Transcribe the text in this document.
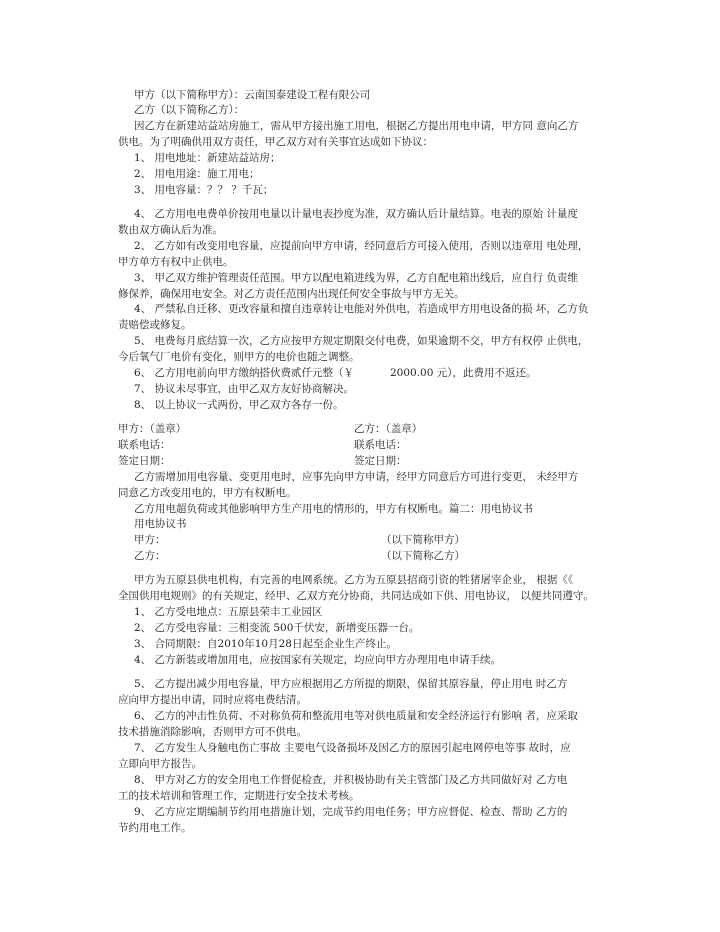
甲方（以下简称甲方）：云南国泰建设工程有限公司
乙方（以下简称乙方）：
因乙方在新建站益站房施工，需从甲方接出施工用电，根据乙方提出用电申请，甲方同 意向乙方
供电。为了明确供用双方责任，甲乙双方对有关事宜达成如下协议：
1、 用电地址：新建站益站房；
2、 用电用途：施工用电；
3、 用电容量：？？ ？千瓦；
4、 乙方用电电费单价按用电量以计量电表抄度为准，双方确认后计量结算。电表的原始 计量度
数由双方确认后为准。
2、 乙方如有改变用电容量，应提前向甲方申请，经同意后方可接入使用，否则以违章用 电处理，
甲方单方有权中止供电。
3、 甲乙双方维护管理责任范围。甲方以配电箱进线为界，乙方自配电箱出线后，应自行 负责维
修保养，确保用电安全。对乙方责任范围内出现任何安全事故与甲方无关。
4、 严禁私自迁移、更改容量和擅自违章转让电能对外供电，若造成甲方用电设备的损 坏，乙方负
责赔偿或修复。
5、 电费每月底结算一次，乙方应按甲方规定期限交付电费，如果逾期不交，甲方有权停 止供电，
今后氧气厂电价有变化，则甲方的电价也随之调整。
6、 乙方用电前向甲方缴纳搭伙费贰仟元整（￥	2000.00 元），此费用不返还。
7、 协议未尽事宜，由甲乙双方友好协商解决。
8、 以上协议一式两份，甲乙双方各存一份。
甲方：（盖章）	乙方：（盖章）
联系电话：	联系电话：
签定日期：	签定日期：
乙方需增加用电容量、变更用电时，应事先向甲方申请，经甲方同意后方可进行变更， 未经甲方
同意乙方改变用电的，甲方有权断电。
乙方用电超负荷或其他影响甲方生产用电的情形的，甲方有权断电。篇二：用电协议书
用电协议书
甲方：	（以下简称甲方）
乙方：	（以下简称乙方）
甲方为五原县供电机构，有完善的电网系统。乙方为五原县招商引资的牲猪屠宰企业， 根据《《
全国供用电规则》的有关规定，经甲、乙双方充分协商，共同达成如下供、用电协议， 以便共同遵守。
1、 乙方受电地点：五原县荣丰工业园区
2、 乙方受电容量：三相变流 500千伏安，新增变压器一台。
3、 合同期限：自2010年10月28日起至企业生产终止。
4、 乙方新装或增加用电，应按国家有关规定，均应向甲方办理用电申请手续。
5、 乙方提出减少用电容量，甲方应根据用乙方所提的期限，保留其原容量，停止用电 时乙方
应向甲方提出申请，同时应将电费结清。
6、 乙方的冲击性负荷、不对称负荷和整流用电等对供电质量和安全经济运行有影响 者，应采取
技术措施消除影响，否则甲方可不供电。
7、 乙方发生人身触电伤亡事故 主要电气设备损坏及因乙方的原因引起电网停电等事 故时，应
立即向甲方报告。
8、 甲方对乙方的安全用电工作督促检查，并积极协助有关主管部门及乙方共同做好对 乙方电
工的技术培训和管理工作，定期进行安全技术考核。
9、 乙方应定期编制节约用电措施计划，完成节约用电任务；甲方应督促、检查、帮助 乙方的
节约用电工作。
